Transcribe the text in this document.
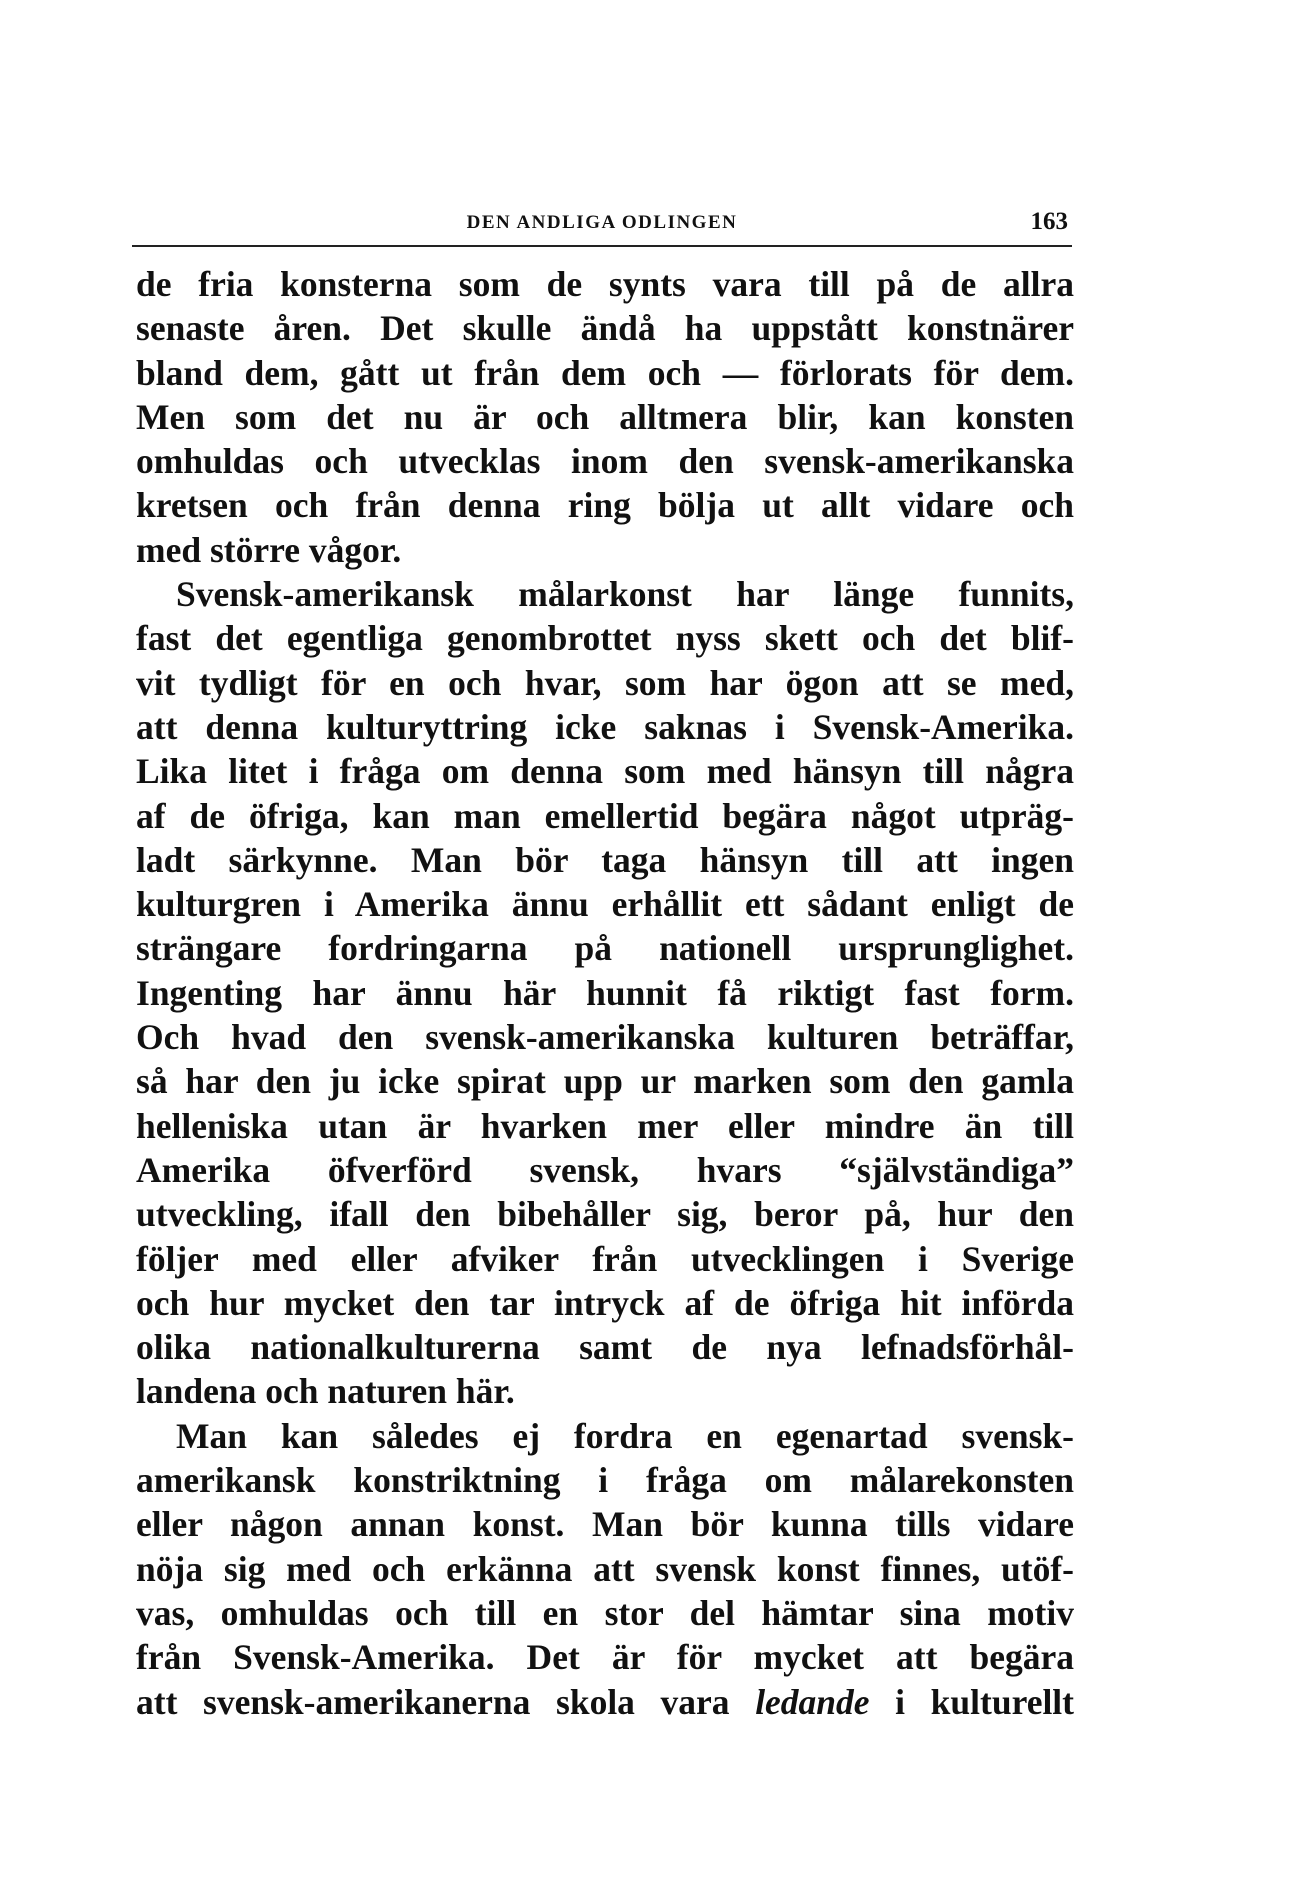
DEN ANDLIGA ODLINGEN	163
de fria konsterna som de synts vara till på de allra
senaste åren. Det skulle ändå ha uppstått konstnärer
bland dem, gått ut från dem och — förlorats för dem.
Men som det nu är och alltmera blir, kan konsten
omhuldas och utvecklas inom den svensk-amerikanska
kretsen och från denna ring bölja ut allt vidare och
med större vågor.
Svensk-amerikansk målarkonst har länge funnits,
fast det egentliga genombrottet nyss skett och det blif-
vit tydligt för en och hvar, som har ögon att se med,
att denna kulturyttring icke saknas i Svensk-Amerika.
Lika litet i fråga om denna som med hänsyn till några
af de öfriga, kan man emellertid begära något utpräg-
ladt särkynne. Man bör taga hänsyn till att ingen
kulturgren i Amerika ännu erhållit ett sådant enligt de
strängare fordringarna på nationell ursprunglighet.
Ingenting har ännu här hunnit få riktigt fast form.
Och hvad den svensk-amerikanska kulturen beträffar,
så har den ju icke spirat upp ur marken som den gamla
helleniska utan är hvarken mer eller mindre än till
Amerika öfverförd svensk, hvars “självständiga”
utveckling, ifall den bibehåller sig, beror på, hur den
följer med eller afviker från utvecklingen i Sverige
och hur mycket den tar intryck af de öfriga hit införda
olika nationalkulturerna samt de nya lefnadsförhål-
landena och naturen här.
Man kan således ej fordra en egenartad svensk-
amerikansk konstriktning i fråga om målarekonsten
eller någon annan konst. Man bör kunna tills vidare
nöja sig med och erkänna att svensk konst finnes, utöf-
vas, omhuldas och till en stor del hämtar sina motiv
från Svensk-Amerika. Det är för mycket att begära
att svensk-amerikanerna skola vara ledande i kulturellt
